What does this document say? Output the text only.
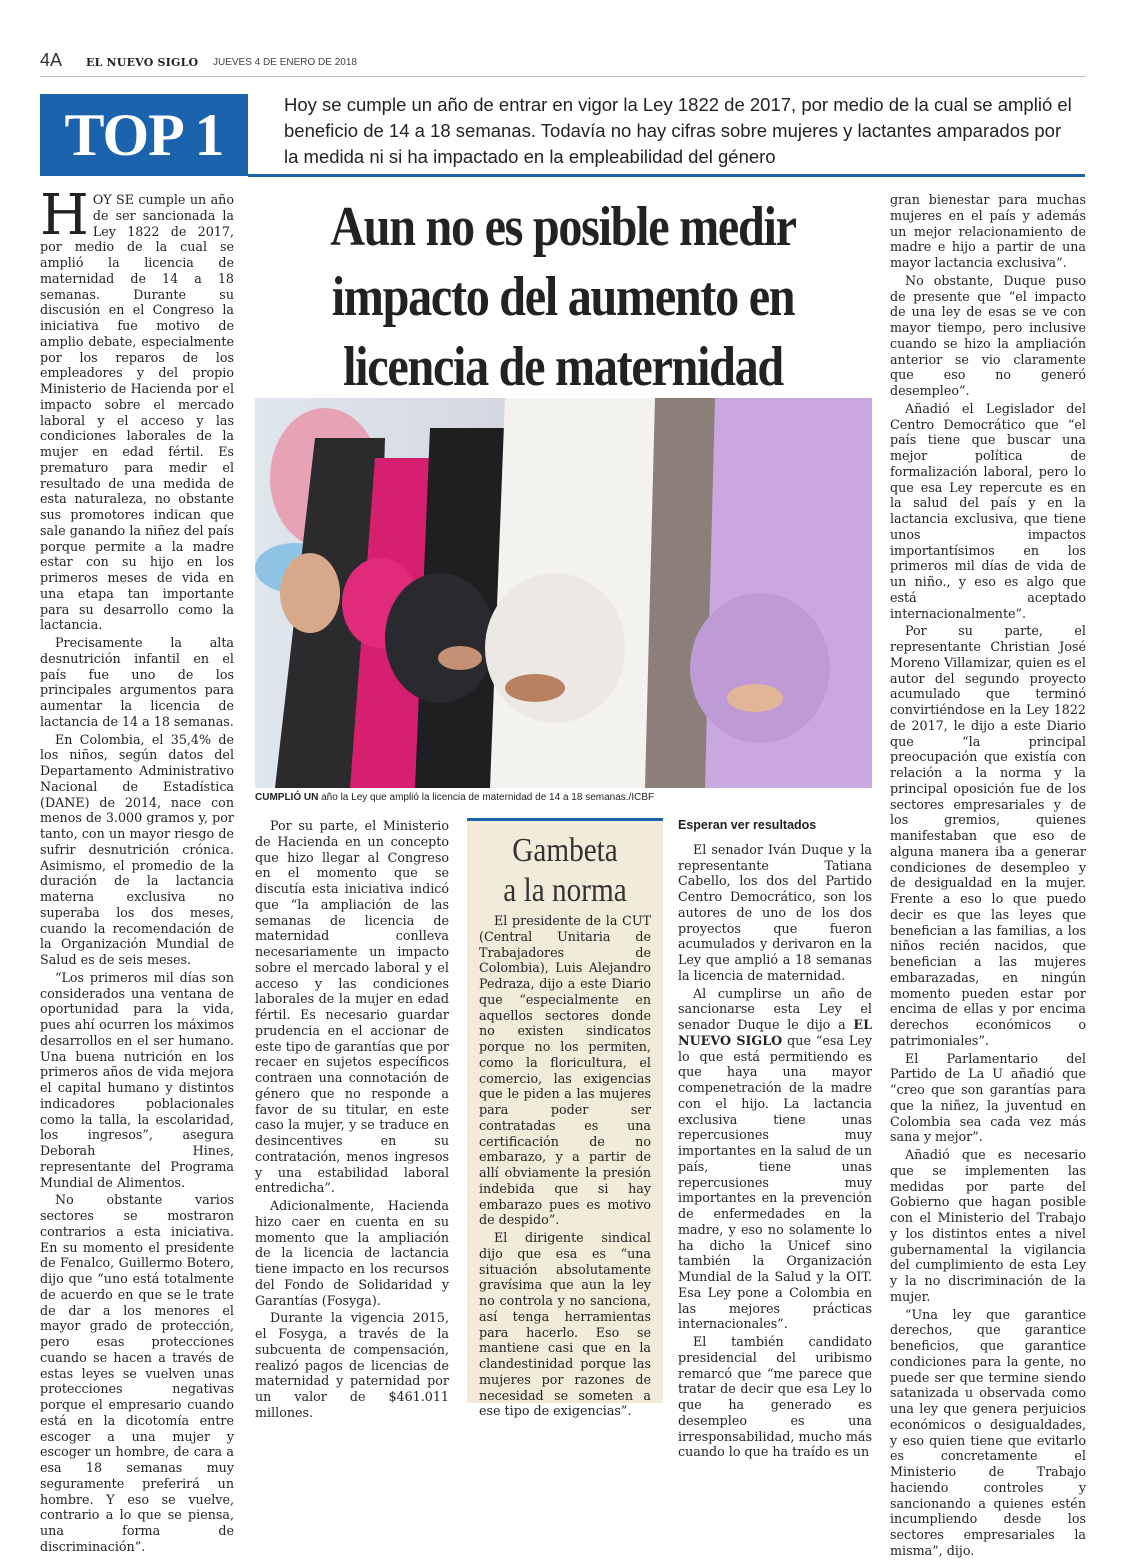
4A EL NUEVO SIGLO JUEVES 4 DE ENERO DE 2018
TOP 1	Hoy se cumple un año de entrar en vigor la Ley 1822 de 2017, por medio de la cual se amplió el beneficio de 14 a 18 semanas. Todavía no hay cifras sobre mujeres y lactantes amparados por la medida ni si ha impactado en la empleabilidad del género
Aun no es posible medir
impacto del aumento en
licencia de maternidad

HOY SE cumple un año de ser sancionada la Ley 1822 de 2017, por medio de la cual se amplió la licencia de maternidad de 14 a 18 semanas. Durante su discusión en el Congreso la iniciativa fue motivo de amplio debate, especialmente por los reparos de los empleadores y del propio Ministerio de Hacienda por el impacto sobre el mercado laboral y el acceso y las condiciones laborales de la mujer en edad fértil. Es prematuro para medir el resultado de una medida de esta naturaleza, no obstante sus promotores indican que sale ganando la niñez del país porque permite a la madre estar con su hijo en los primeros meses de vida en una etapa tan importante para su desarrollo como la lactancia.

Precisamente la alta desnutrición infantil en el país fue uno de los principales argumentos para aumentar la licencia de lactancia de 14 a 18 semanas.

En Colombia, el 35,4% de los niños, según datos del Departamento Administrativo Nacional de Estadística (DANE) de 2014, nace con menos de 3.000 gramos y, por tanto, con un mayor riesgo de sufrir desnutrición crónica. Asimismo, el promedio de la duración de la lactancia materna exclusiva no superaba los dos meses, cuando la recomendación de la Organización Mundial de Salud es de seis meses.

“Los primeros mil días son considerados una ventana de oportunidad para la vida, pues ahí ocurren los máximos desarrollos en el ser humano. Una buena nutrición en los primeros años de vida mejora el capital humano y distintos indicadores poblacionales como la talla, la escolaridad, los ingresos”, asegura Deborah Hines, representante del Programa Mundial de Alimentos.

No obstante varios sectores se mostraron contrarios a esta iniciativa. En su momento el presidente de Fenalco, Guillermo Botero, dijo que “uno está totalmente de acuerdo en que se le trate de dar a los menores el mayor grado de protección, pero esas protecciones cuando se hacen a través de estas leyes se vuelven unas protecciones negativas porque el empresario cuando está en la dicotomía entre escoger a una mujer y escoger un hombre, de cara a esa 18 semanas muy seguramente preferirá un hombre. Y eso se vuelve, contrario a lo que se piensa, una forma de discriminación”.

CUMPLIÓ UN año la Ley que amplió la licencia de maternidad de 14 a 18 semanas./ICBF

Por su parte, el Ministerio de Hacienda en un concepto que hizo llegar al Congreso en el momento que se discutía esta iniciativa indicó que “la ampliación de las semanas de licencia de maternidad conlleva necesariamente un impacto sobre el mercado laboral y el acceso y las condiciones laborales de la mujer en edad fértil. Es necesario guardar prudencia en el accionar de este tipo de garantías que por recaer en sujetos específicos contraen una connotación de género que no responde a favor de su titular, en este caso la mujer, y se traduce en desincentives en su contratación, menos ingresos y una estabilidad laboral entredicha”.

Adicionalmente, Hacienda hizo caer en cuenta en su momento que la ampliación de la licencia de lactancia tiene impacto en los recursos del Fondo de Solidaridad y Garantías (Fosyga).

Durante la vigencia 2015, el Fosyga, a través de la subcuenta de compensación, realizó pagos de licencias de maternidad y paternidad por un valor de $461.011 millones.

Gambeta
a la norma

El presidente de la CUT (Central Unitaria de Trabajadores de Colombia), Luis Alejandro Pedraza, dijo a este Diario que “especialmente en aquellos sectores donde no existen sindicatos porque no los permiten, como la floricultura, el comercio, las exigencias que le piden a las mujeres para poder ser contratadas es una certificación de no embarazo, y a partir de allí obviamente la presión indebida que si hay embarazo pues es motivo de despido”.

El dirigente sindical dijo que esa es “una situación absolutamente gravísima que aun la ley no controla y no sanciona, así tenga herramientas para hacerlo. Eso se mantiene casi que en la clandestinidad porque las mujeres por razones de necesidad se someten a ese tipo de exigencias”.

Esperan ver resultados

El senador Iván Duque y la representante Tatiana Cabello, los dos del Partido Centro Democrático, son los autores de uno de los dos proyectos que fueron acumulados y derivaron en la Ley que amplió a 18 semanas la licencia de maternidad.

Al cumplirse un año de sancionarse esta Ley el senador Duque le dijo a EL NUEVO SIGLO que “esa Ley lo que está permitiendo es que haya una mayor compenetración de la madre con el hijo. La lactancia exclusiva tiene unas repercusiones muy importantes en la salud de un país, tiene unas repercusiones muy importantes en la prevención de enfermedades en la madre, y eso no solamente lo ha dicho la Unicef sino también la Organización Mundial de la Salud y la OIT. Esa Ley pone a Colombia en las mejores prácticas internacionales”.

El también candidato presidencial del uribismo remarcó que “me parece que tratar de decir que esa Ley lo que ha generado es desempleo es una irresponsabilidad, mucho más cuando lo que ha traído es un

gran bienestar para muchas mujeres en el país y además un mejor relacionamiento de madre e hijo a partir de una mayor lactancia exclusiva”.

No obstante, Duque puso de presente que “el impacto de una ley de esas se ve con mayor tiempo, pero inclusive cuando se hizo la ampliación anterior se vio claramente que eso no generó desempleo”.

Añadió el Legislador del Centro Democrático que “el país tiene que buscar una mejor política de formalización laboral, pero lo que esa Ley repercute es en la salud del país y en la lactancia exclusiva, que tiene unos impactos importantísimos en los primeros mil días de vida de un niño., y eso es algo que está aceptado internacionalmente”.

Por su parte, el representante Christian José Moreno Villamizar, quien es el autor del segundo proyecto acumulado que terminó convirtiéndose en la Ley 1822 de 2017, le dijo a este Diario que “la principal preocupación que existía con relación a la norma y la principal oposición fue de los sectores empresariales y de los gremios, quienes manifestaban que eso de alguna manera iba a generar condiciones de desempleo y de desigualdad en la mujer. Frente a eso lo que puedo decir es que las leyes que benefician a las familias, a los niños recién nacidos, que benefician a las mujeres embarazadas, en ningún momento pueden estar por encima de ellas y por encima derechos económicos o patrimoniales”.

El Parlamentario del Partido de La U añadió que “creo que son garantías para que la niñez, la juventud en Colombia sea cada vez más sana y mejor”.

Añadió que es necesario que se implementen las medidas por parte del Gobierno que hagan posible con el Ministerio del Trabajo y los distintos entes a nivel gubernamental la vigilancia del cumplimiento de esta Ley y la no discriminación de la mujer.

“Una ley que garantice derechos, que garantice beneficios, que garantice condiciones para la gente, no puede ser que termine siendo satanizada u observada como una ley que genera perjuicios económicos o desigualdades, y eso quien tiene que evitarlo es concretamente el Ministerio de Trabajo haciendo controles y sancionando a quienes estén incumpliendo desde los sectores empresariales la misma”, dijo.
